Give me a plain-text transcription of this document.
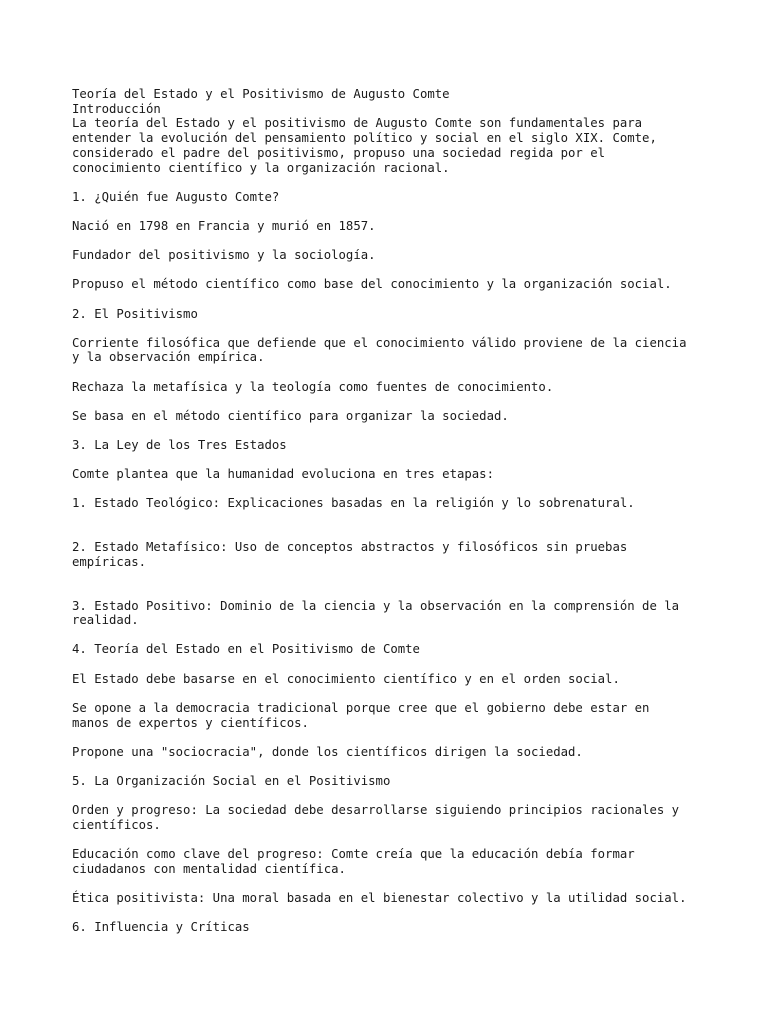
Teoría del Estado y el Positivismo de Augusto Comte
Introducción
La teoría del Estado y el positivismo de Augusto Comte son fundamentales para
entender la evolución del pensamiento político y social en el siglo XIX. Comte,
considerado el padre del positivismo, propuso una sociedad regida por el
conocimiento científico y la organización racional.
1. ¿Quién fue Augusto Comte?
Nació en 1798 en Francia y murió en 1857.
Fundador del positivismo y la sociología.
Propuso el método científico como base del conocimiento y la organización social.
2. El Positivismo
Corriente filosófica que defiende que el conocimiento válido proviene de la ciencia
y la observación empírica.
Rechaza la metafísica y la teología como fuentes de conocimiento.
Se basa en el método científico para organizar la sociedad.
3. La Ley de los Tres Estados
Comte plantea que la humanidad evoluciona en tres etapas:
1. Estado Teológico: Explicaciones basadas en la religión y lo sobrenatural.
2. Estado Metafísico: Uso de conceptos abstractos y filosóficos sin pruebas
empíricas.
3. Estado Positivo: Dominio de la ciencia y la observación en la comprensión de la
realidad.
4. Teoría del Estado en el Positivismo de Comte
El Estado debe basarse en el conocimiento científico y en el orden social.
Se opone a la democracia tradicional porque cree que el gobierno debe estar en
manos de expertos y científicos.
Propone una "sociocracia", donde los científicos dirigen la sociedad.
5. La Organización Social en el Positivismo
Orden y progreso: La sociedad debe desarrollarse siguiendo principios racionales y
científicos.
Educación como clave del progreso: Comte creía que la educación debía formar
ciudadanos con mentalidad científica.
Ética positivista: Una moral basada en el bienestar colectivo y la utilidad social.
6. Influencia y Críticas
